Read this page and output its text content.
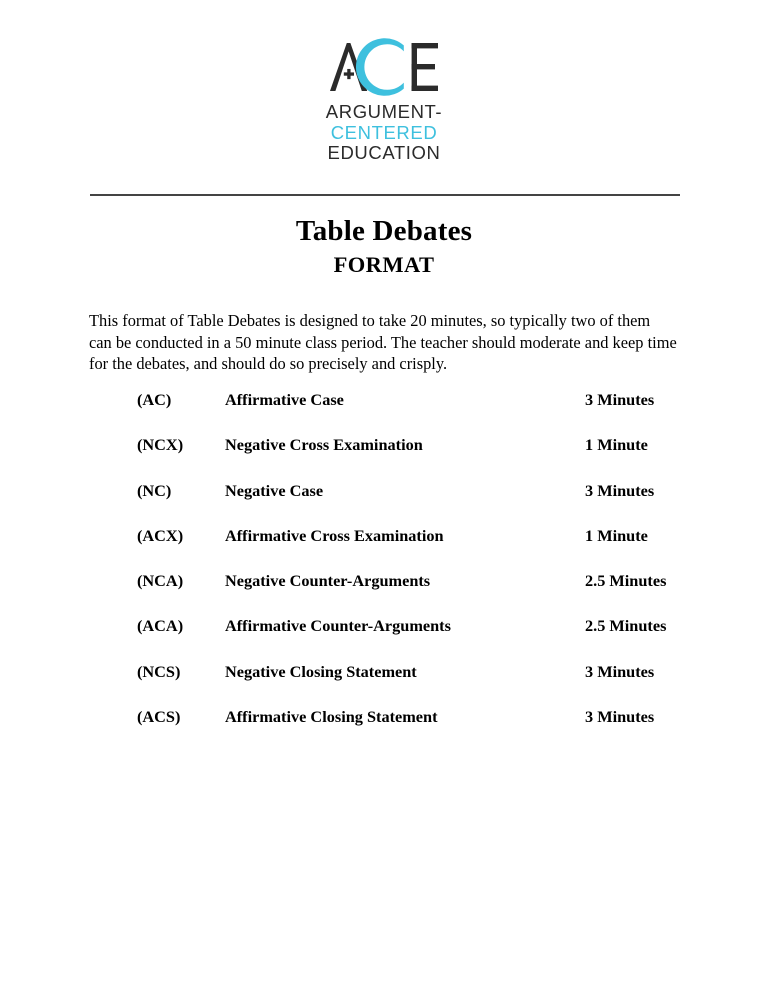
ARGUMENT-
CENTERED
EDUCATION
Table Debates
FORMAT

This format of Table Debates is designed to take 20 minutes, so typically two of them can be conducted in a 50 minute class period. The teacher should moderate and keep time for the debates, and should do so precisely and crisply.

(AC)	Affirmative Case	3 Minutes
(NCX)	Negative Cross Examination	1 Minute
(NC)	Negative Case	3 Minutes
(ACX)	Affirmative Cross Examination	1 Minute
(NCA)	Negative Counter-Arguments	2.5 Minutes
(ACA)	Affirmative Counter-Arguments	2.5 Minutes
(NCS)	Negative Closing Statement	3 Minutes
(ACS)	Affirmative Closing Statement	3 Minutes
